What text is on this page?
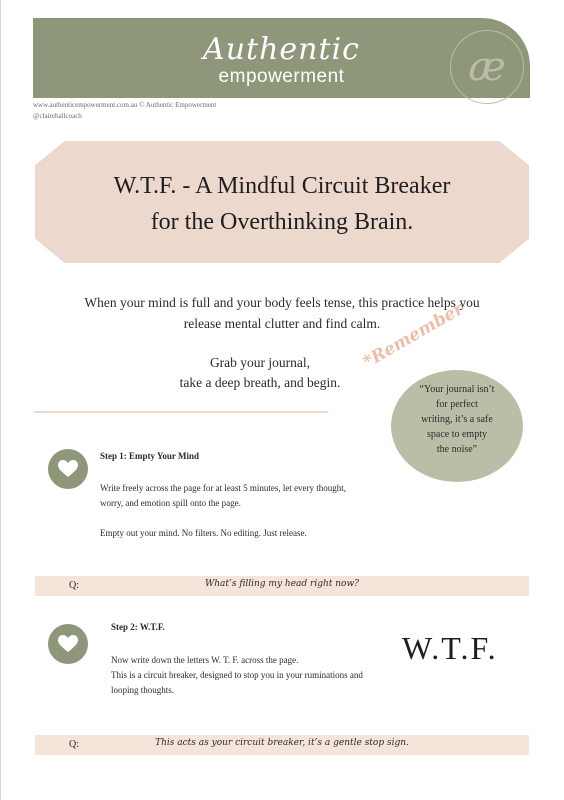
Authentic
empowerment	æ
www.authenticempowerment.com.au © Authentic Empowerment
@clairehallcoach
W.T.F. - A Mindful Circuit Breaker
for the Overthinking Brain.
When your mind is full and your body feels tense, this practice helps you
release mental clutter and find calm.
Grab your journal,
take a deep breath, and begin.
*Remember
“Your journal isn’t
for perfect
writing, it’s a safe
space to empty
the noise”
Step 1: Empty Your Mind
Write freely across the page for at least 5 minutes, let every thought,
worry, and emotion spill onto the page.
Empty out your mind. No filters. No editing. Just release.
Q:	What’s filling my head right now?
Step 2: W.T.F.
Now write down the letters W. T. F. across the page.
This is a circuit breaker, designed to stop you in your ruminations and
looping thoughts.
W.T.F.
Q:	This acts as your circuit breaker, it’s a gentle stop sign.
